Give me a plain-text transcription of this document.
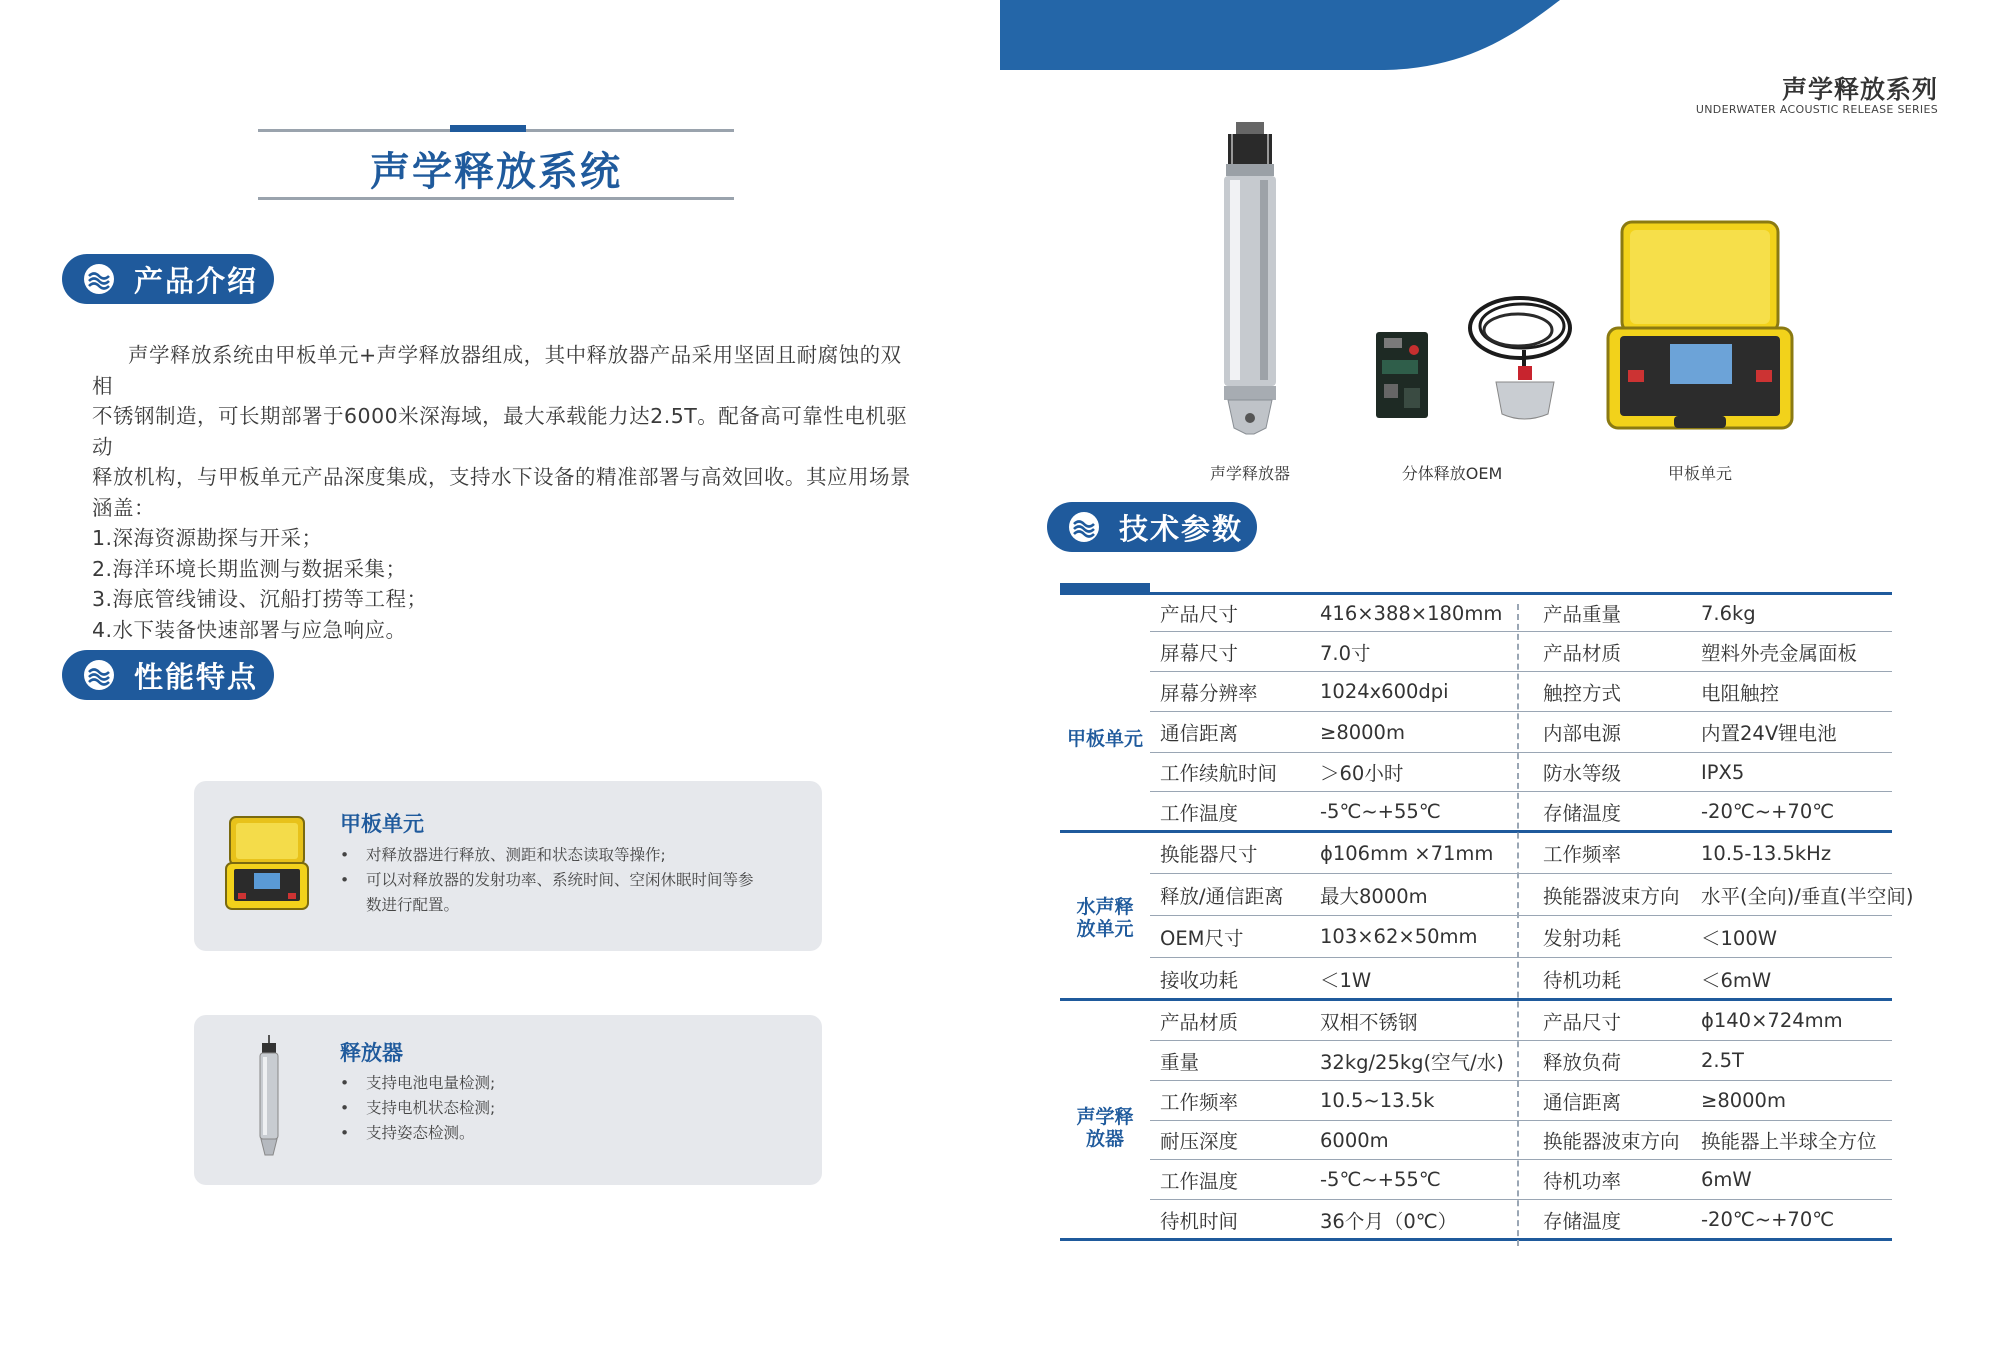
声学释放系统
产品介绍

声学释放系统由甲板单元+声学释放器组成，其中释放器产品采用坚固且耐腐蚀的双相

不锈钢制造，可长期部署于6000米深海域，最大承载能力达2.5T。配备高可靠性电机驱动

释放机构，与甲板单元产品深度集成，支持水下设备的精准部署与高效回收。其应用场景

涵盖：

1.深海资源勘探与开采；

2.海洋环境长期监测与数据采集；

3.海底管线铺设、沉船打捞等工程；

4.水下装备快速部署与应急响应。

性能特点
甲板单元
• 对释放器进行释放、测距和状态读取等操作;
• 可以对释放器的发射功率、系统时间、空闲休眠时间等参
数进行配置。
释放器
• 支持电池电量检测;
• 支持电机状态检测;
• 支持姿态检测。
声学释放系列
UNDERWATER ACOUSTIC RELEASE SERIES
声学释放器	分体释放OEM	甲板单元
技术参数
产品尺寸	416×388×180mm 产品重量	7.6kg
屏幕尺寸	7.0寸	产品材质	塑料外壳金属面板
屏幕分辨率	1024x600dpi	触控方式	电阻触控
通信距离	≥8000m	内部电源	内置24V锂电池
工作续航时间 ＞60小时	防水等级	IPX5
工作温度	-5℃~+55℃	存储温度	-20℃~+70℃
换能器尺寸	ϕ106mm ×71mm	工作频率	10.5-13.5kHz
释放/通信距离 最大8000m	换能器波束方向 水平(全向)/垂直(半空间)
OEM尺寸	103×62×50mm	发射功耗	＜100W
接收功耗	＜1W	待机功耗	＜6mW
产品材质	双相不锈钢	产品尺寸	ϕ140×724mm
重量	32kg/25kg(空气/水) 释放负荷	2.5T
工作频率	10.5~13.5k	通信距离	≥8000m
耐压深度	6000m	换能器波束方向 换能器上半球全方位
工作温度	-5℃~+55℃	待机功率	6mW
待机时间	36个月（0℃）	存储温度	-20℃~+70℃
甲板单元
水声释放单元
声学释放器
